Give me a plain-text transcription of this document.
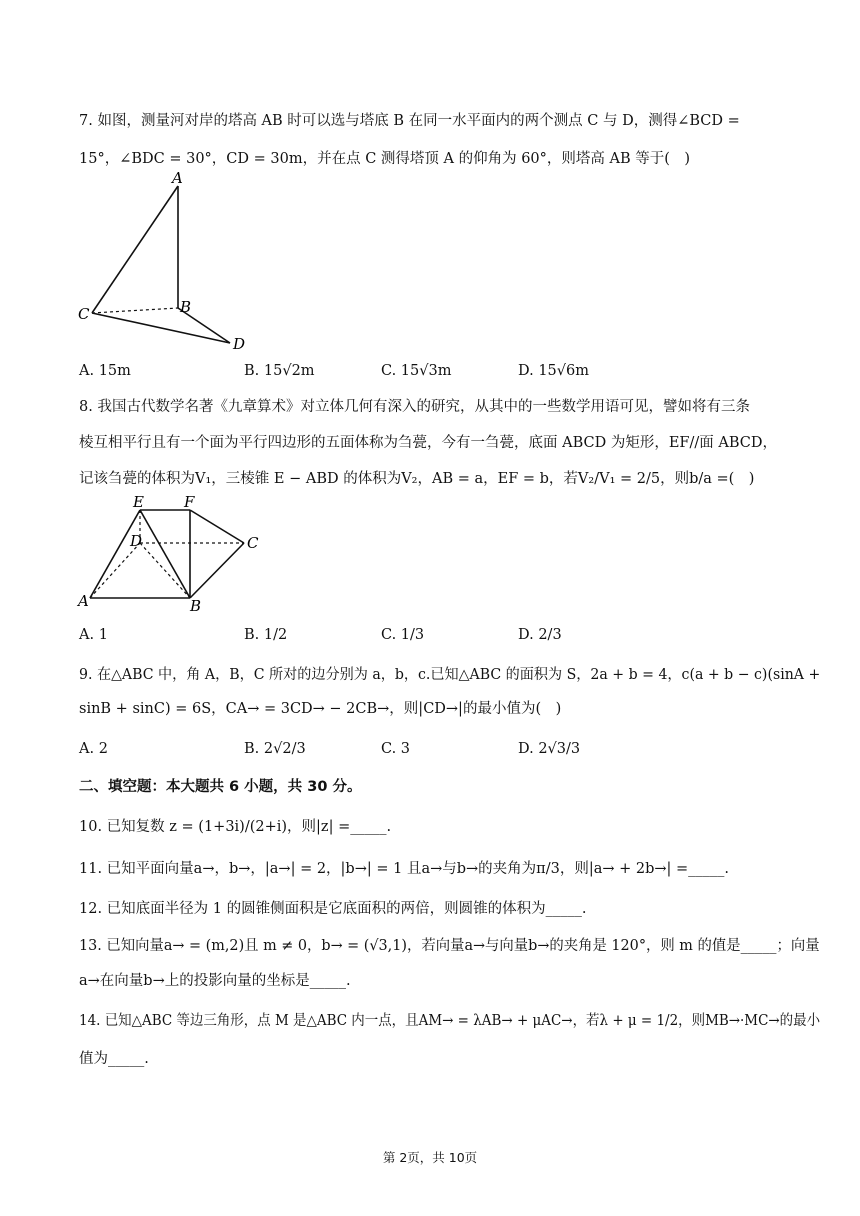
7. 如图，测量河对岸的塔高 AB 时可以选与塔底 B 在同一水平面内的两个测点 C 与 D，测得∠BCD =
15°，∠BDC = 30°，CD = 30m，并在点 C 测得塔顶 A 的仰角为 60°，则塔高 AB 等于(　)
A
B
C
D
A. 15m	B. 15√2m	C. 15√3m	D. 15√6m
8. 我国古代数学名著《九章算术》对立体几何有深入的研究，从其中的一些数学用语可见，譬如将有三条
棱互相平行且有一个面为平行四边形的五面体称为刍甍，今有一刍甍，底面 ABCD 为矩形，EF//面 ABCD，
记该刍甍的体积为V₁，三棱锥 E − ABD 的体积为V₂，AB = a，EF = b，若V₂/V₁ = 2/5，则b/a =(　)
E	F
D	C
A	B
A. 1	B. 1/2	C. 1/3	D. 2/3
9. 在△ABC 中，角 A，B，C 所对的边分别为 a，b，c.已知△ABC 的面积为 S，2a + b = 4，c(a + b − c)(sinA +
sinB + sinC) = 6S，CA→ = 3CD→ − 2CB→，则|CD→|的最小值为(　)
A. 2	B. 2√2/3	C. 3	D. 2√3/3
二、填空题：本大题共 6 小题，共 30 分。
10. 已知复数 z = (1+3i)/(2+i)，则|z| =_____.
11. 已知平面向量a→，b→，|a→| = 2，|b→| = 1 且a→与b→的夹角为π/3，则|a→ + 2b→| =_____.
12. 已知底面半径为 1 的圆锥侧面积是它底面积的两倍，则圆锥的体积为_____.
13. 已知向量a→ = (m,2)且 m ≠ 0，b→ = (√3,1)，若向量a→与向量b→的夹角是 120°，则 m 的值是_____；向量
a→在向量b→上的投影向量的坐标是_____.
14. 已知△ABC 等边三角形，点 M 是△ABC 内一点，且AM→ = λAB→ + μAC→，若λ + μ = 1/2，则MB→·MC→的最小
值为_____.
第 2页，共 10页
